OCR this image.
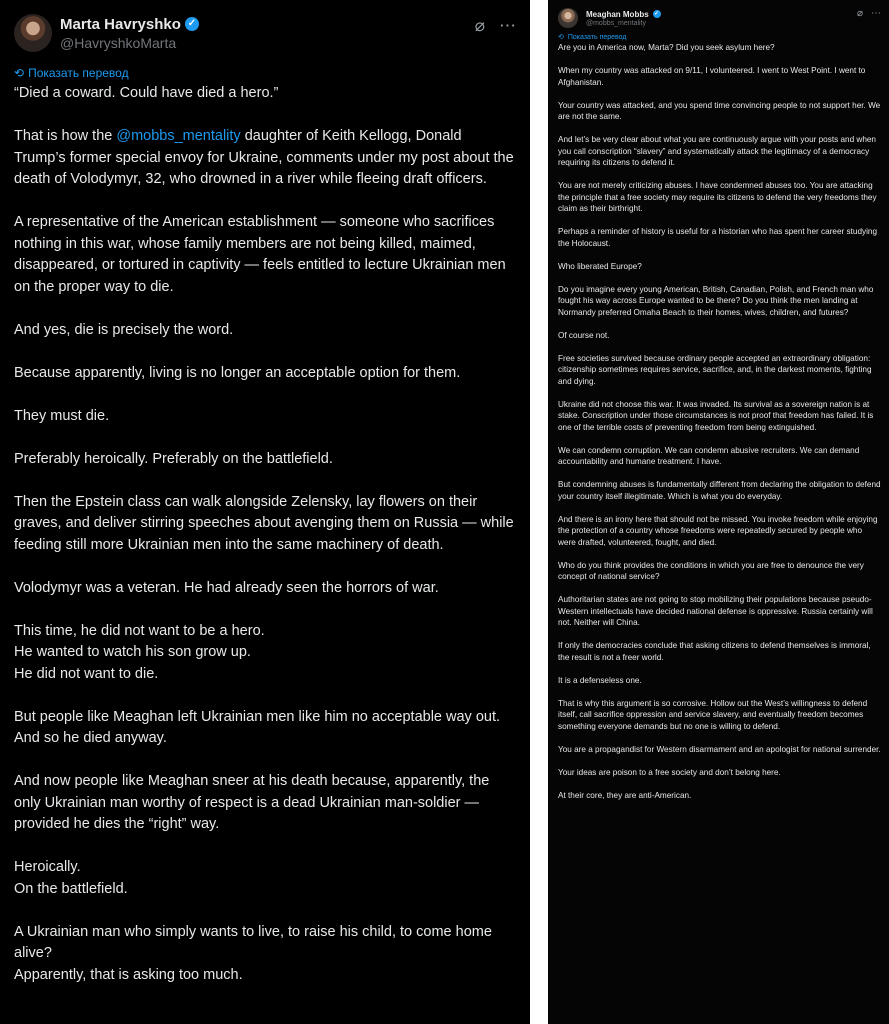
Marta Havryshko ✓
@HavryshkoMarta
⌀ ⋯
⟲ Показать перевод

“Died a coward. Could have died a hero.”

That is how the @mobbs_mentality daughter of Keith Kellogg, Donald Trump’s former special envoy for Ukraine, comments under my post about the death of Volodymyr, 32, who drowned in a river while fleeing draft officers.

A representative of the American establishment — someone who sacrifices nothing in this war, whose family members are not being killed, maimed, disappeared, or tortured in captivity — feels entitled to lecture Ukrainian men on the proper way to die.

And yes, die is precisely the word.

Because apparently, living is no longer an acceptable option for them.

They must die.

Preferably heroically. Preferably on the battlefield.

Then the Epstein class can walk alongside Zelensky, lay flowers on their graves, and deliver stirring speeches about avenging them on Russia — while feeding still more Ukrainian men into the same machinery of death.

Volodymyr was a veteran. He had already seen the horrors of war.

This time, he did not want to be a hero.
He wanted to watch his son grow up.
He did not want to die.

But people like Meaghan left Ukrainian men like him no acceptable way out. And so he died anyway.

And now people like Meaghan sneer at his death because, apparently, the only Ukrainian man worthy of respect is a dead Ukrainian man-soldier — provided he dies the “right” way.

Heroically.
On the battlefield.

A Ukrainian man who simply wants to live, to raise his child, to come home alive?
Apparently, that is asking too much.

Meaghan Mobbs ✓
@mobbs_mentality
⌀ ⋯
⟲ Показать перевод

Are you in America now, Marta? Did you seek asylum here?

When my country was attacked on 9/11, I volunteered. I went to West Point. I went to Afghanistan.

Your country was attacked, and you spend time convincing people to not support her. We are not the same.

And let’s be very clear about what you are continuously argue with your posts and when you call conscription “slavery” and systematically attack the legitimacy of a democracy requiring its citizens to defend it.

You are not merely criticizing abuses. I have condemned abuses too. You are attacking the principle that a free society may require its citizens to defend the very freedoms they claim as their birthright.

Perhaps a reminder of history is useful for a historian who has spent her career studying the Holocaust.

Who liberated Europe?

Do you imagine every young American, British, Canadian, Polish, and French man who fought his way across Europe wanted to be there? Do you think the men landing at Normandy preferred Omaha Beach to their homes, wives, children, and futures?

Of course not.

Free societies survived because ordinary people accepted an extraordinary obligation: citizenship sometimes requires service, sacrifice, and, in the darkest moments, fighting and dying.

Ukraine did not choose this war. It was invaded. Its survival as a sovereign nation is at stake. Conscription under those circumstances is not proof that freedom has failed. It is one of the terrible costs of preventing freedom from being extinguished.

We can condemn corruption. We can condemn abusive recruiters. We can demand accountability and humane treatment. I have.

But condemning abuses is fundamentally different from declaring the obligation to defend your country itself illegitimate. Which is what you do everyday.

And there is an irony here that should not be missed. You invoke freedom while enjoying the protection of a country whose freedoms were repeatedly secured by people who were drafted, volunteered, fought, and died.

Who do you think provides the conditions in which you are free to denounce the very concept of national service?

Authoritarian states are not going to stop mobilizing their populations because pseudo-Western intellectuals have decided national defense is oppressive. Russia certainly will not. Neither will China.

If only the democracies conclude that asking citizens to defend themselves is immoral, the result is not a freer world.

It is a defenseless one.

That is why this argument is so corrosive. Hollow out the West’s willingness to defend itself, call sacrifice oppression and service slavery, and eventually freedom becomes something everyone demands but no one is willing to defend.

You are a propagandist for Western disarmament and an apologist for national surrender.

Your ideas are poison to a free society and don’t belong here.

At their core, they are anti-American.
